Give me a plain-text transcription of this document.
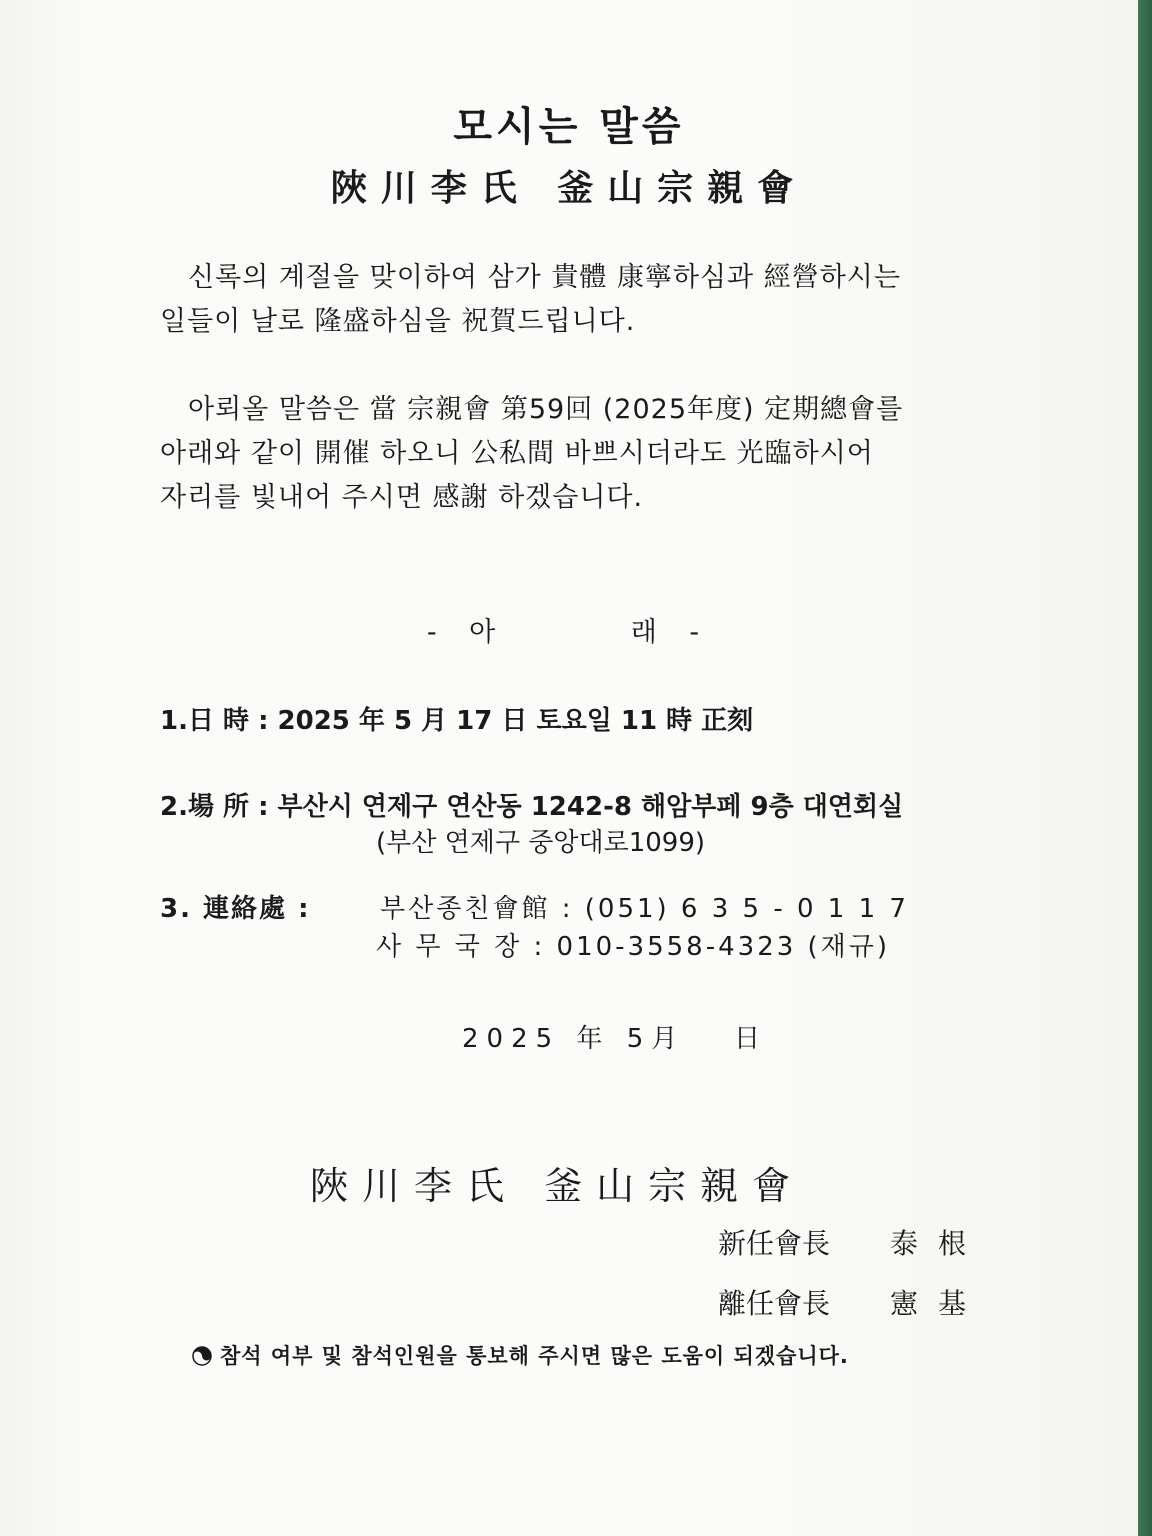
모시는 말씀
陜川李氏 釜山宗親會
신록의 계절을 맞이하여 삼가 貴體 康寧하심과 經營하시는
일들이 날로 隆盛하심을 祝賀드립니다.
아뢰올 말씀은 當 宗親會 第59回 (2025年度) 定期總會를
아래와 같이 開催 하오니 公私間 바쁘시더라도 光臨하시어
자리를 빛내어 주시면 感謝 하겠습니다.
- 아      래 -
1.日 時 : 2025 年 5 月 17 日 토요일 11 時 正刻
2.場 所 : 부산시 연제구 연산동 1242-8 해암부페 9층 대연회실
(부산 연제구 중앙대로1099)
3. 連絡處 :	부산종친會館 : (051) 6 3 5 - 0 1 1 7
사 무 국 장 : 010-3558-4323 (재규)
2025 年 5月   日
陜川李氏 釜山宗親會
新任會長 泰根
離任會長 憲基
참석 여부 및 참석인원을 통보해 주시면 많은 도움이 되겠습니다.
